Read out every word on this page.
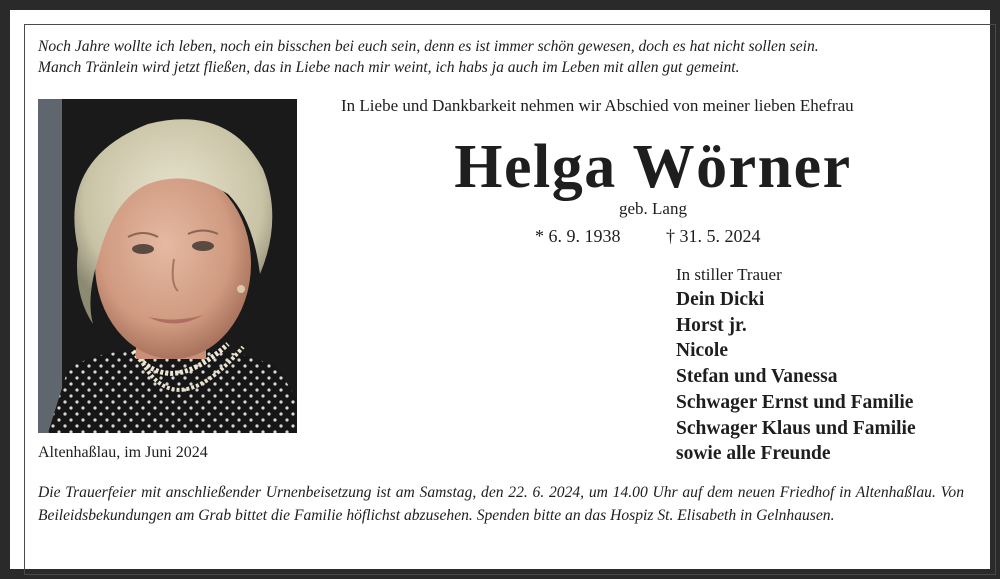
Noch Jahre wollte ich leben, noch ein bisschen bei euch sein, denn es ist immer schön gewesen, doch es hat nicht sollen sein.
Manch Tränlein wird jetzt fließen, das in Liebe nach mir weint, ich habs ja auch im Leben mit allen gut gemeint.
In Liebe und Dankbarkeit nehmen wir Abschied von meiner lieben Ehefrau
Helga Wörner
geb. Lang
* 6. 9. 1938	† 31. 5. 2024
Altenhaßlau, im Juni 2024
In stiller Trauer
Dein Dicki
Horst jr.
Nicole
Stefan und Vanessa
Schwager Ernst und Familie
Schwager Klaus und Familie
sowie alle Freunde
Die Trauerfeier mit anschließender Urnenbeisetzung ist am Samstag, den 22. 6. 2024, um 14.00 Uhr auf dem neuen Friedhof in Altenhaßlau. Von Beileidsbekundungen am Grab bittet die Familie höflichst abzusehen. Spenden bitte an das Hospiz St. Elisabeth in Gelnhausen.
